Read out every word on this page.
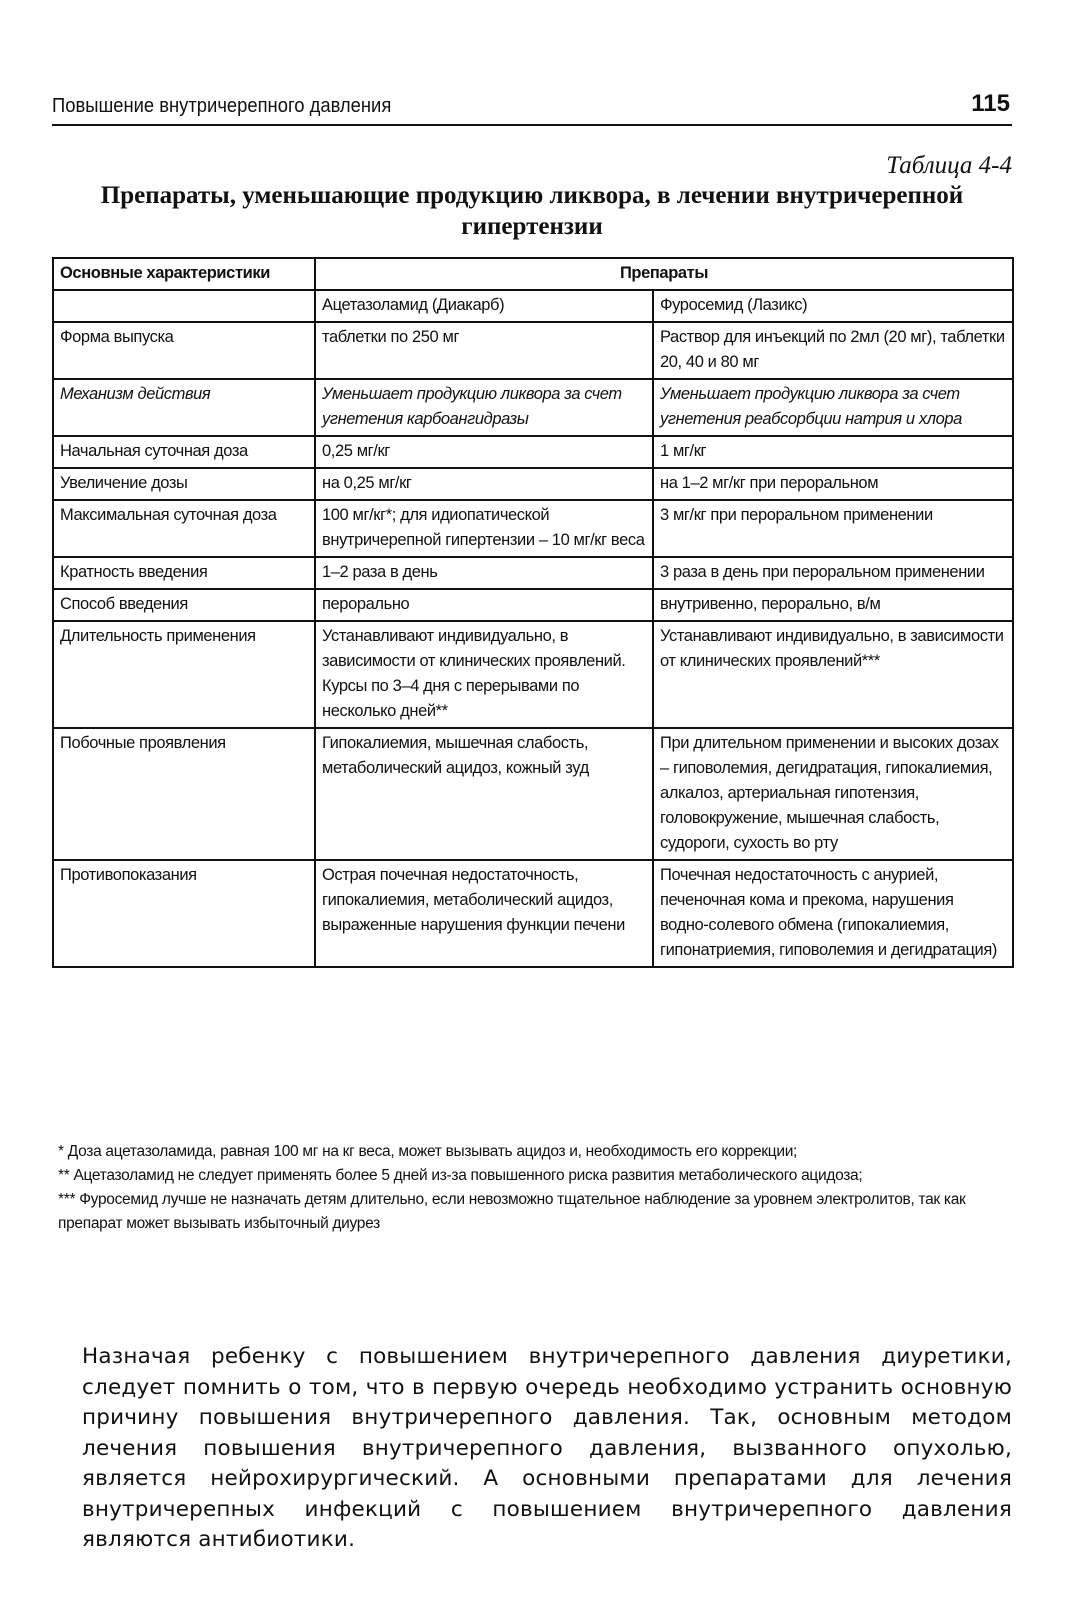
Повышение внутричерепного давления	115
Таблица 4-4
Препараты, уменьшающие продукцию ликвора, в лечении внутричерепной гипертензии
Основные характеристики	Препараты	
	Ацетазоламид (Диакарб)	Фуросемид (Лазикс)
Форма выпуска	таблетки по 250 мг	Раствор для инъекций по 2мл (20 мг), таблетки 20, 40 и 80 мг
Механизм действия	Уменьшает продукцию ликвора за счет угнетения карбоангидразы	Уменьшает продукцию ликвора за счет угнетения реабсорбции натрия и хлора
Начальная суточная доза	0,25 мг/кг	1 мг/кг
Увеличение дозы	на 0,25 мг/кг	на 1–2 мг/кг при пероральном
Максимальная суточная доза	100 мг/кг*; для идиопатической внутричерепной гипертензии – 10 мг/кг веса	3 мг/кг при пероральном применении
Кратность введения	1–2 раза в день	3 раза в день при пероральном применении
Способ введения	перорально	внутривенно, перорально, в/м
Длительность применения	Устанавливают индивидуально, в зависимости от клинических проявлений. Курсы по 3–4 дня с перерывами по несколько дней**	Устанавливают индивидуально, в зависимости от клинических проявлений***
Побочные проявления	Гипокалиемия, мышечная слабость, метаболический ацидоз, кожный зуд	При длительном применении и высоких дозах – гиповолемия, дегидратация, гипокалиемия, алкалоз, артериальная гипотензия, головокружение, мышечная слабость, судороги, сухость во рту
Противопоказания	Острая почечная недостаточность, гипокалиемия, метаболический ацидоз, выраженные нарушения функции печени	Почечная недостаточность с анурией, печеночная кома и прекома, нарушения водно-солевого обмена (гипокалиемия, гипонатриемия, гиповолемия и дегидратация)

* Доза ацетазоламида, равная 100 мг на кг веса, может вызывать ацидоз и, необходимость его коррекции;

** Ацетазоламид не следует применять более 5 дней из-за повышенного риска развития метаболического ацидоза;

*** Фуросемид лучше не назначать детям длительно, если невозможно тщательное наблюдение за уровнем электролитов, так как препарат может вызывать избыточный диурез

Назначая ребенку с повышением внутричерепного давления диуретики, следует помнить о том, что в первую очередь необходимо устранить основную причину повышения внутричерепного давления. Так, основным методом лечения повышения внутричерепного давления, вызванного опухолью, является нейрохирургический. А основными препаратами для лечения внутричерепных инфекций с повышением внутричерепного давления являются антибиотики.
